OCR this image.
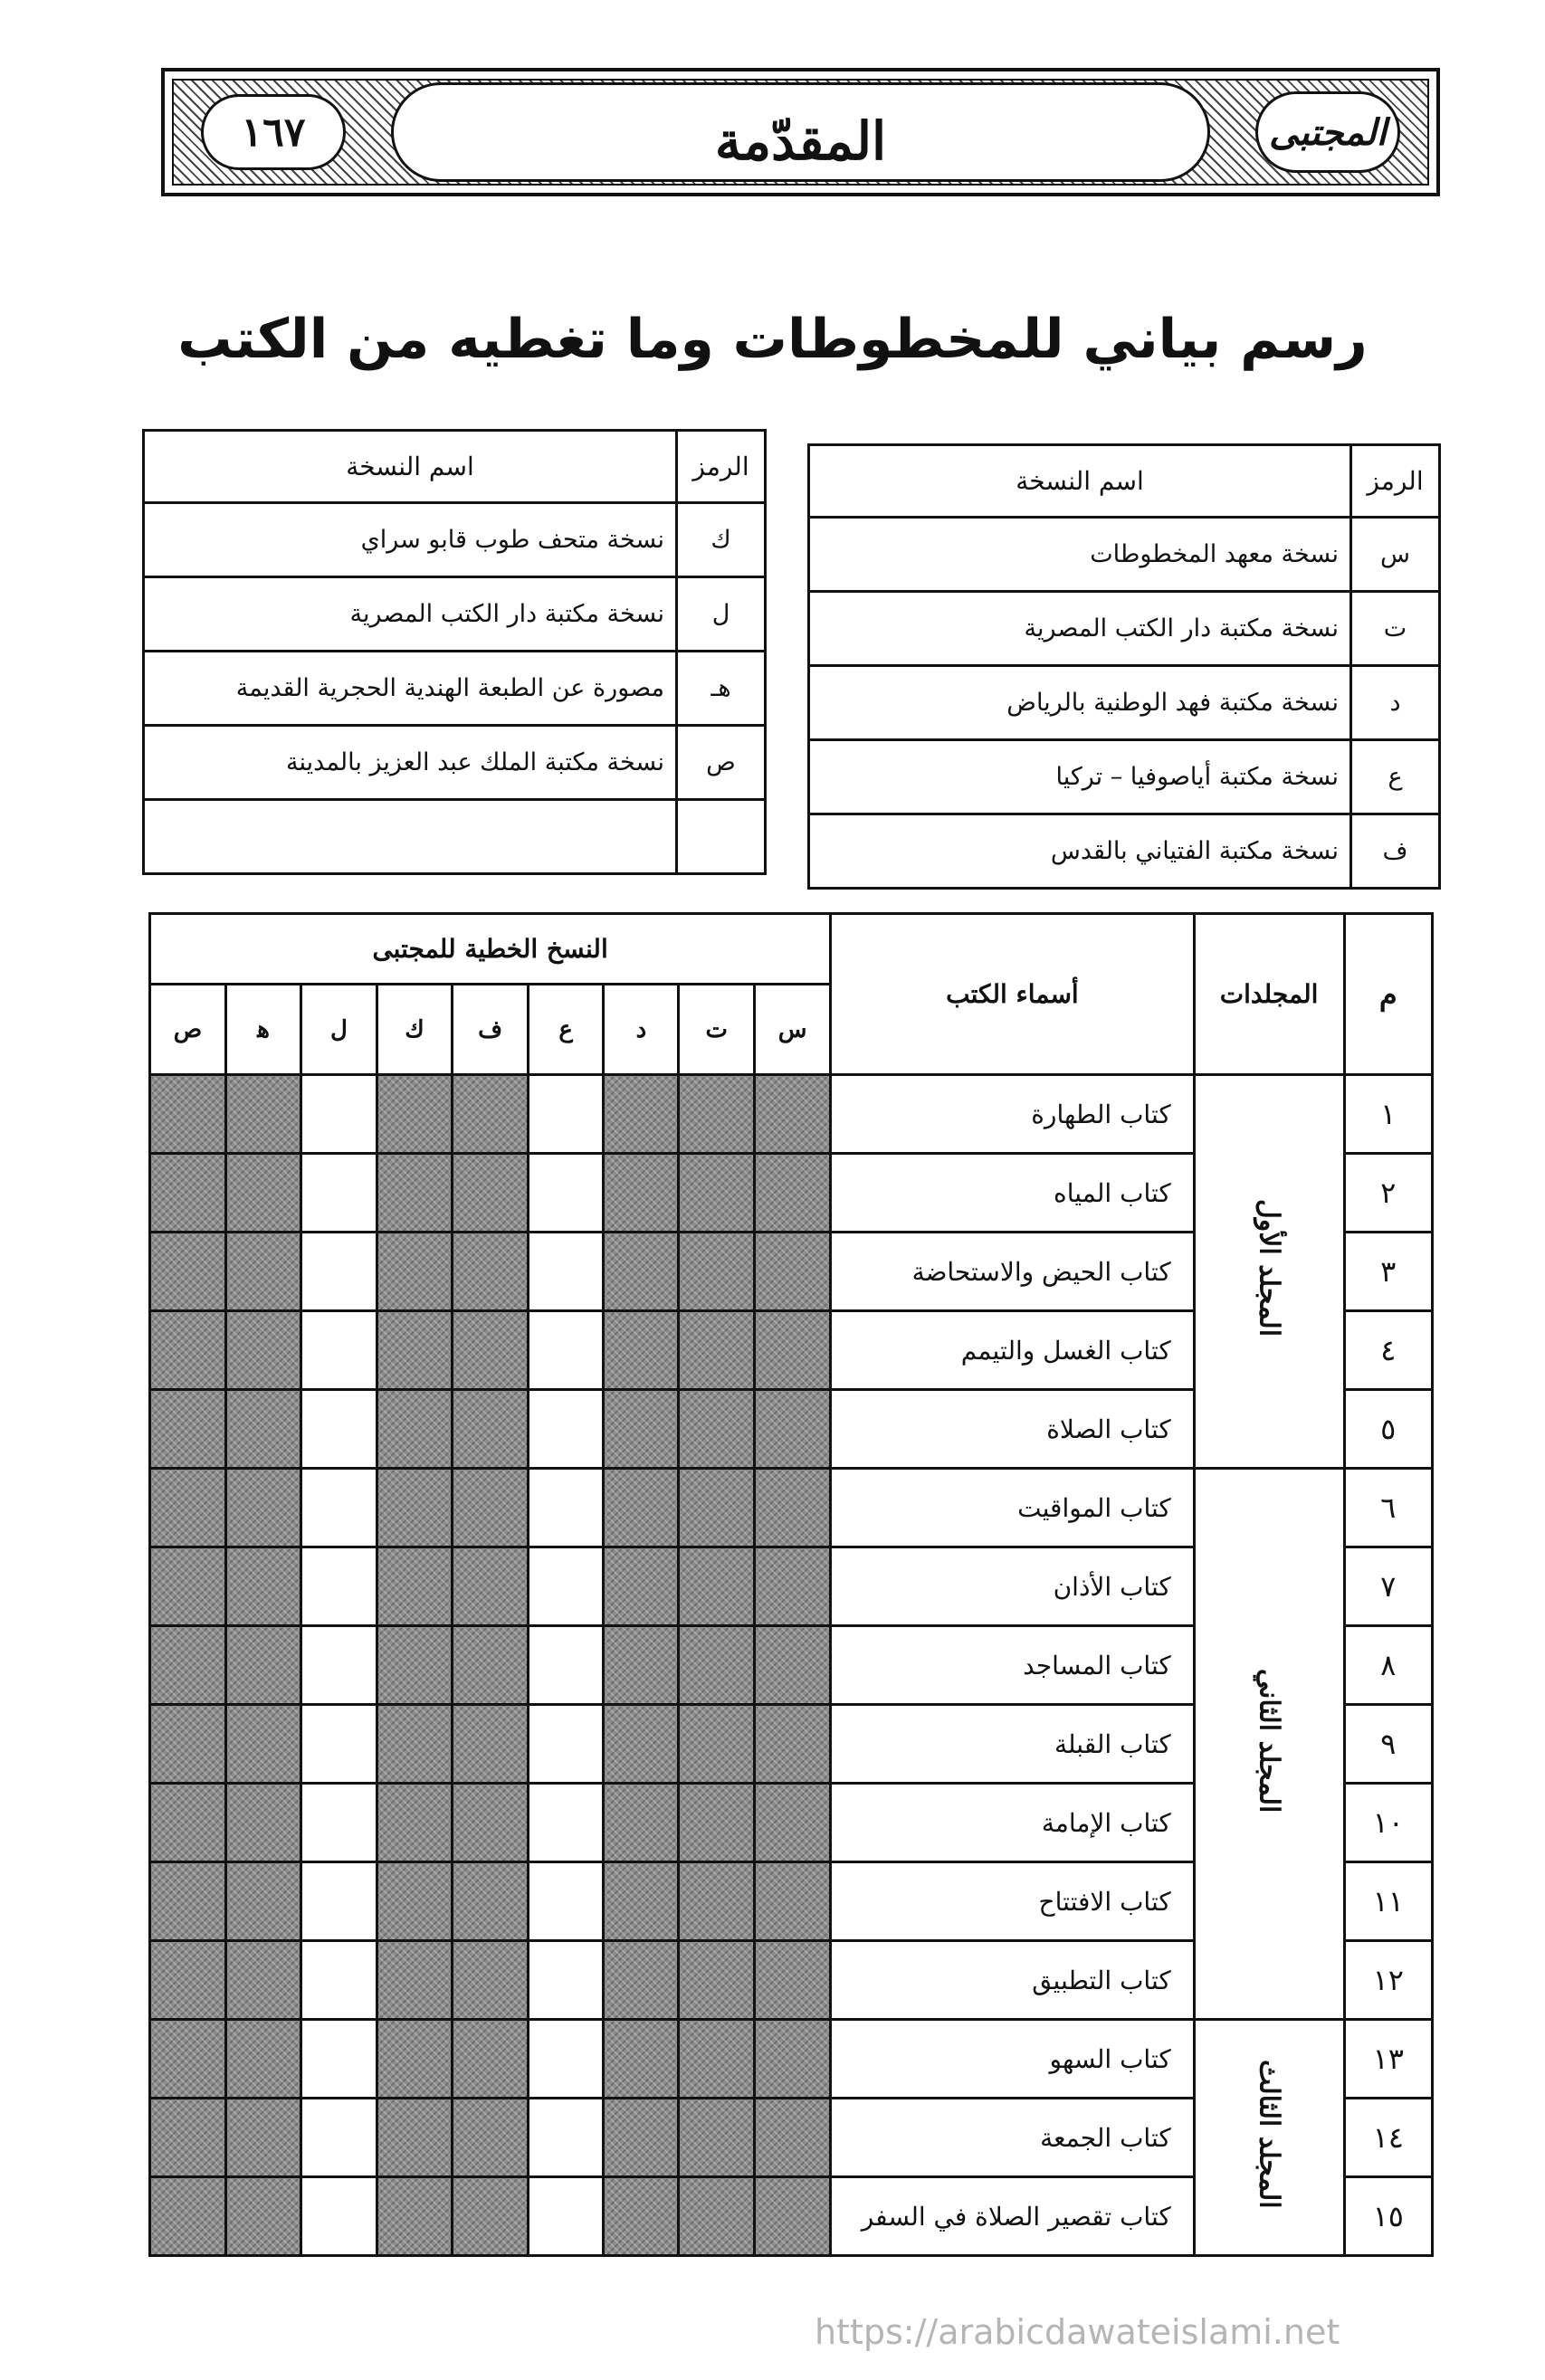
المقدّمة
١٦٧	المجتبى
رسم بياني للمخطوطات وما تغطيه من الكتب
الرمز	اسم النسخة
س	نسخة معهد المخطوطات
ت	نسخة مكتبة دار الكتب المصرية
د	نسخة مكتبة فهد الوطنية بالرياض
ع	نسخة مكتبة أياصوفيا – تركيا
ف	نسخة مكتبة الفتياني بالقدس
الرمز	اسم النسخة
ك	نسخة متحف طوب قابو سراي
ل	نسخة مكتبة دار الكتب المصرية
هـ	مصورة عن الطبعة الهندية الحجرية القديمة
ص	نسخة مكتبة الملك عبد العزيز بالمدينة

م	المجلدات	أسماء الكتب	النسخ الخطية للمجتبى								
			س	ت	د	ع	ف	ك	ل	ﻫ	ص
١	المجلد الأول	كتاب الطهارة									
٢		كتاب المياه									
٣		كتاب الحيض والاستحاضة									
٤		كتاب الغسل والتيمم									
٥		كتاب الصلاة									
٦	المجلد الثاني	كتاب المواقيت									
٧		كتاب الأذان									
٨		كتاب المساجد									
٩		كتاب القبلة									
١٠		كتاب الإمامة									
١١		كتاب الافتتاح									
١٢		كتاب التطبيق									
١٣	المجلد الثالث	كتاب السهو									
١٤		كتاب الجمعة									
١٥		كتاب تقصير الصلاة في السفر									
https://arabicdawateislami.net
